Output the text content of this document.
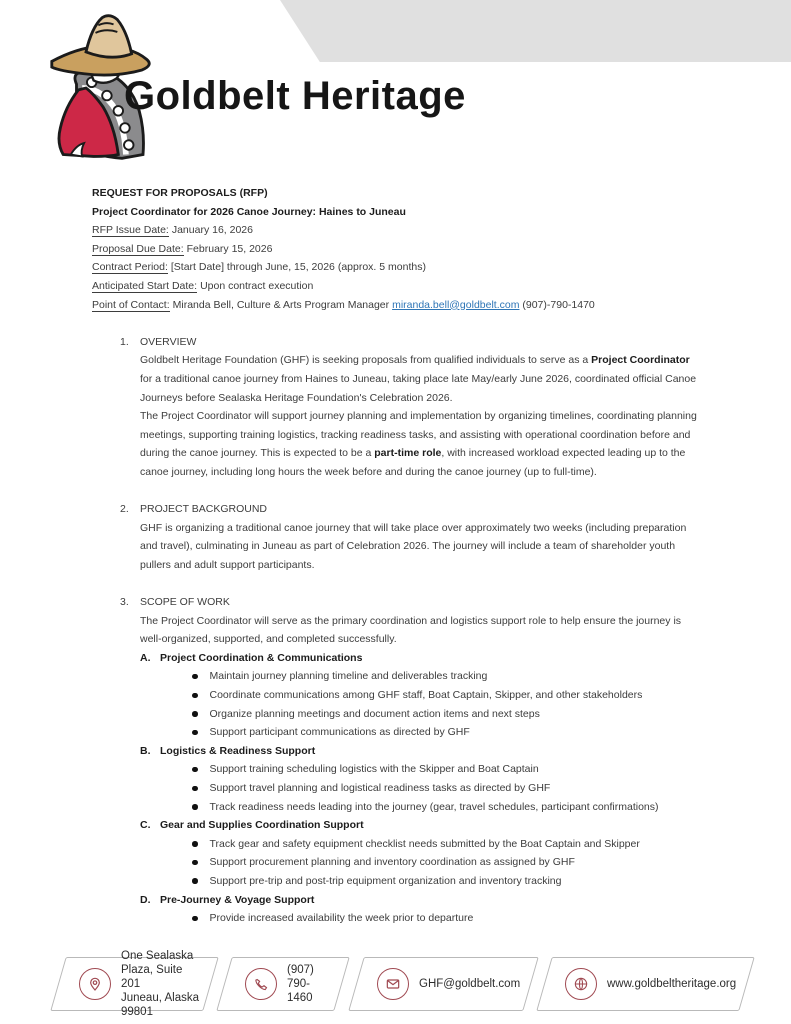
Goldbelt Heritage
REQUEST FOR PROPOSALS (RFP)
Project Coordinator for 2026 Canoe Journey: Haines to Juneau
RFP Issue Date: January 16, 2026
Proposal Due Date: February 15, 2026
Contract Period: [Start Date] through June, 15, 2026 (approx. 5 months)
Anticipated Start Date: Upon contract execution
Point of Contact: Miranda Bell, Culture & Arts Program Manager miranda.bell@goldbelt.com (907)-790-1470
1.	OVERVIEW

Goldbelt Heritage Foundation (GHF) is seeking proposals from qualified individuals to serve as a Project Coordinator for a traditional canoe journey from Haines to Juneau, taking place late May/early June 2026, coordinated official Canoe Journeys before Sealaska Heritage Foundation's Celebration 2026.

The Project Coordinator will support journey planning and implementation by organizing timelines, coordinating planning meetings, supporting training logistics, tracking readiness tasks, and assisting with operational coordination before and during the canoe journey. This is expected to be a part-time role, with increased workload expected leading up to the canoe journey, including long hours the week before and during the canoe journey (up to full-time).

2.	PROJECT BACKGROUND

GHF is organizing a traditional canoe journey that will take place over approximately two weeks (including preparation and travel), culminating in Juneau as part of Celebration 2026. The journey will include a team of shareholder youth pullers and adult support participants.

3.	SCOPE OF WORK

The Project Coordinator will serve as the primary coordination and logistics support role to help ensure the journey is well-organized, supported, and completed successfully.

A. Project Coordination & Communications
Maintain journey planning timeline and deliverables tracking
Coordinate communications among GHF staff, Boat Captain, Skipper, and other stakeholders
Organize planning meetings and document action items and next steps
Support participant communications as directed by GHF
B. Logistics & Readiness Support
Support training scheduling logistics with the Skipper and Boat Captain
Support travel planning and logistical readiness tasks as directed by GHF
Track readiness needs leading into the journey (gear, travel schedules, participant confirmations)
C. Gear and Supplies Coordination Support
Track gear and safety equipment checklist needs submitted by the Boat Captain and Skipper
Support procurement planning and inventory coordination as assigned by GHF
Support pre-trip and post-trip equipment organization and inventory tracking
D. Pre-Journey & Voyage Support
Provide increased availability the week prior to departure
One Sealaska Plaza, Suite 201
Juneau, Alaska 99801
(907) 790-1460
GHF@goldbelt.com	www.goldbeltheritage.org
